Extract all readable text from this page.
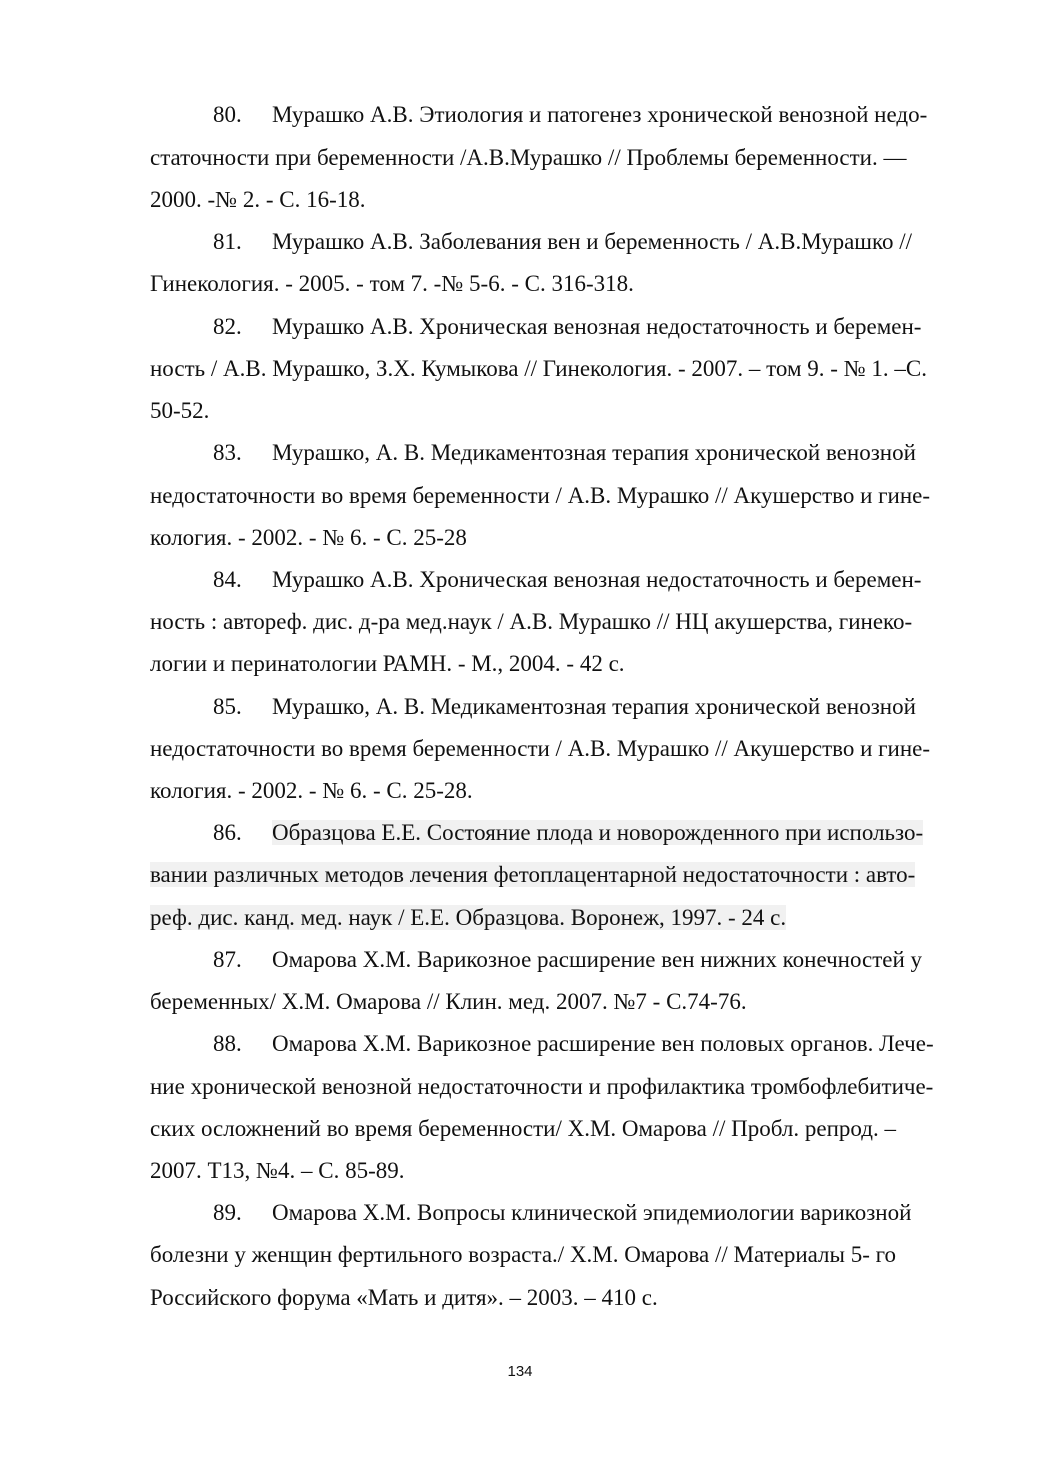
80. Мурашко А.В. Этиология и патогенез хронической венозной недо-
статочности при беременности /А.В.Мурашко // Проблемы беременности. —
2000. -№ 2. - С. 16-18.
81. Мурашко А.В. Заболевания вен и беременность / А.В.Мурашко //
Гинекология. - 2005. - том 7. -№ 5-6. - С. 316-318.
82. Мурашко А.В. Хроническая венозная недостаточность и беремен-
ность / А.В. Мурашко, З.Х. Кумыкова // Гинекология. - 2007. – том 9. - № 1. –С.
50-52.
83. Мурашко, А. В. Медикаментозная терапия хронической венозной
недостаточности во время беременности / А.В. Мурашко // Акушерство и гине-
кология. - 2002. - № 6. - С. 25-28
84. Мурашко А.В. Хроническая венозная недостаточность и беремен-
ность : автореф. дис. д-ра мед.наук / А.В. Мурашко // НЦ акушерства, гинеко-
логии и перинатологии РАМН. - М., 2004. - 42 с.
85. Мурашко, А. В. Медикаментозная терапия хронической венозной
недостаточности во время беременности / А.В. Мурашко // Акушерство и гине-
кология. - 2002. - № 6. - С. 25-28.
86. Образцова Е.Е. Состояние плода и новорожденного при использо-
вании различных методов лечения фетоплацентарной недостаточности : авто-
реф. дис. канд. мед. наук / Е.Е. Образцова. Воронеж, 1997. - 24 с.
87. Омарова Х.М. Варикозное расширение вен нижних конечностей у
беременных/ Х.М. Омарова // Клин. мед. 2007. №7 - С.74-76.
88. Омарова Х.М. Варикозное расширение вен половых органов. Лече-
ние хронической венозной недостаточности и профилактика тромбофлебитиче-
ских осложнений во время беременности/ Х.М. Омарова // Пробл. репрод. –
2007. Т13, №4. – С. 85-89.
89. Омарова Х.М. Вопросы клинической эпидемиологии варикозной
болезни у женщин фертильного возраста./ Х.М. Омарова // Материалы 5- го
Российского форума «Мать и дитя». – 2003. – 410 с.
134
